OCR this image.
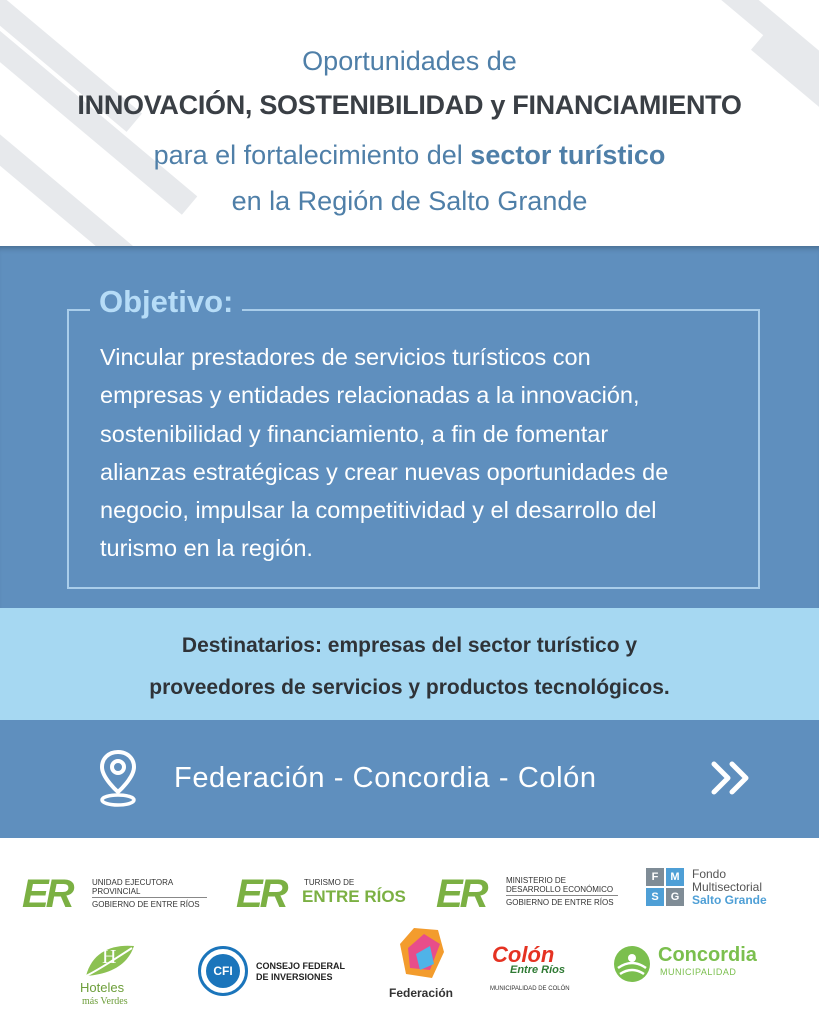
Oportunidades de
INNOVACIÓN, SOSTENIBILIDAD y FINANCIAMIENTO
para el fortalecimiento del sector turístico
en la Región de Salto Grande
Objetivo:
Vincular prestadores de servicios turísticos con
empresas y entidades relacionadas a la innovación,
sostenibilidad y financiamiento, a fin de fomentar
alianzas estratégicas y crear nuevas oportunidades de
negocio, impulsar la competitividad y el desarrollo del
turismo en la región.
Destinatarios: empresas del sector turístico y
proveedores de servicios y productos tecnológicos.
Federación - Concordia - Colón
ER	UNIDAD EJECUTORA
PROVINCIAL
GOBIERNO DE ENTRE RÍOS ER TURISMO DE
ENTRE RÍOS ER	MINISTERIO DE
DESARROLLO ECONÓMICO
GOBIERNO DE ENTRE RÍOS
F	M
S	G
Fondo
Multisectorial
Salto Grande
H
Hoteles
más Verdes
CFI	CONSEJO FEDERAL
DE INVERSIONES
Federación
Colón
Entre Ríos
MUNICIPALIDAD DE COLÓN
Concordia
MUNICIPALIDAD
